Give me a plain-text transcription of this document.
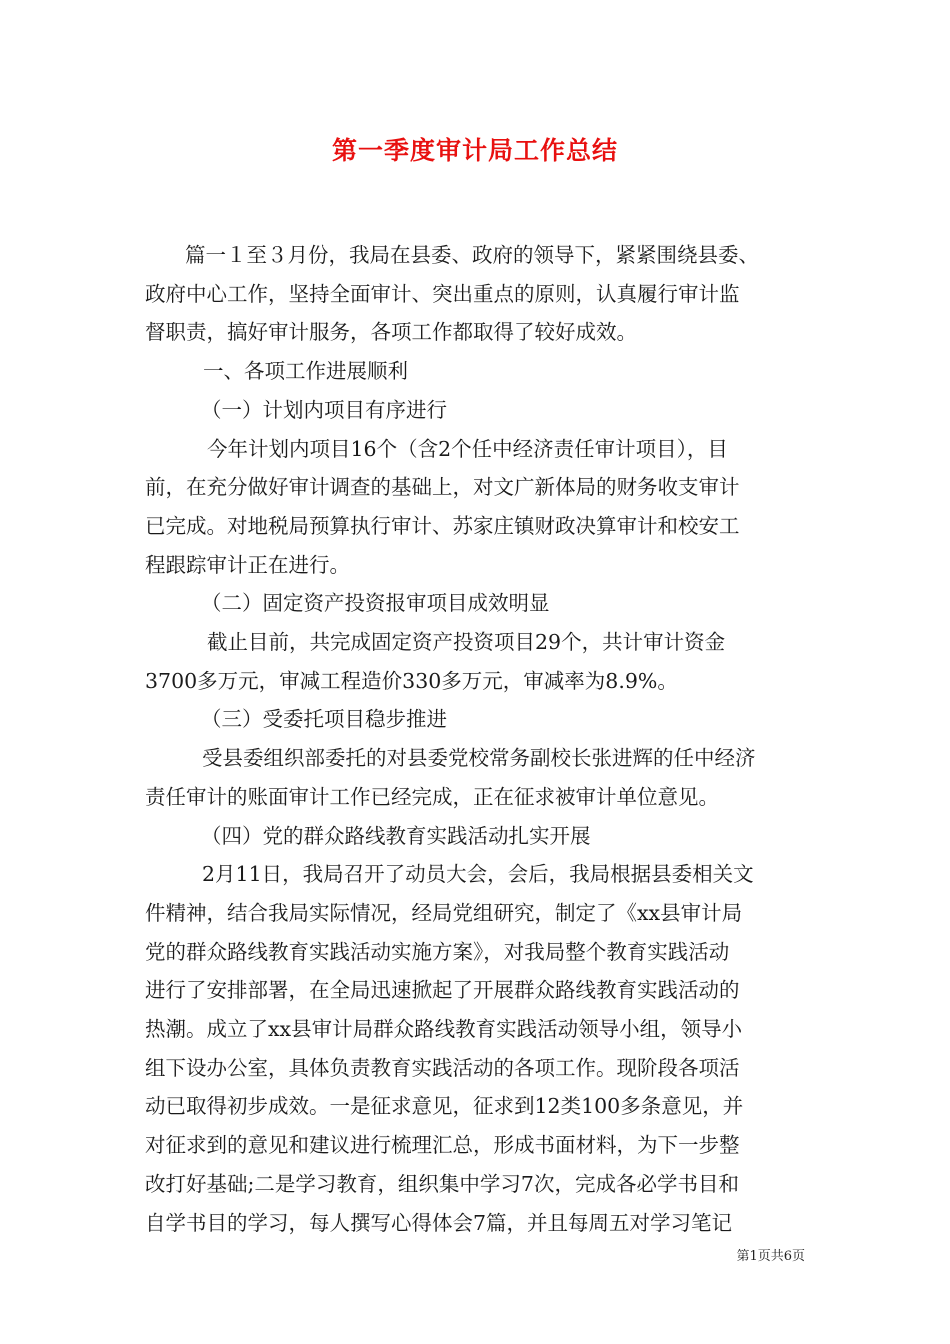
第一季度审计局工作总结

篇一１至３月份，我局在县委、政府的领导下，紧紧围绕县委、

政府中心工作，坚持全面审计、突出重点的原则，认真履行审计监

督职责，搞好审计服务，各项工作都取得了较好成效。

一、各项工作进展顺利

（一）计划内项目有序进行

今年计划内项目16个（含2个任中经济责任审计项目），目

前，在充分做好审计调查的基础上，对文广新体局的财务收支审计

已完成。对地税局预算执行审计、苏家庄镇财政决算审计和校安工

程跟踪审计正在进行。

（二）固定资产投资报审项目成效明显

截止目前，共完成固定资产投资项目29个，共计审计资金

3700多万元，审减工程造价330多万元，审减率为8.9%。

（三）受委托项目稳步推进

受县委组织部委托的对县委党校常务副校长张进辉的任中经济

责任审计的账面审计工作已经完成，正在征求被审计单位意见。

（四）党的群众路线教育实践活动扎实开展

2月11日，我局召开了动员大会，会后，我局根据县委相关文

件精神，结合我局实际情况，经局党组研究，制定了《xx县审计局

党的群众路线教育实践活动实施方案》，对我局整个教育实践活动

进行了安排部署，在全局迅速掀起了开展群众路线教育实践活动的

热潮。成立了xx县审计局群众路线教育实践活动领导小组，领导小

组下设办公室，具体负责教育实践活动的各项工作。现阶段各项活

动已取得初步成效。一是征求意见，征求到12类100多条意见，并

对征求到的意见和建议进行梳理汇总，形成书面材料，为下一步整

改打好基础;二是学习教育，组织集中学习7次，完成各必学书目和

自学书目的学习，每人撰写心得体会7篇，并且每周五对学习笔记

第1页共6页
